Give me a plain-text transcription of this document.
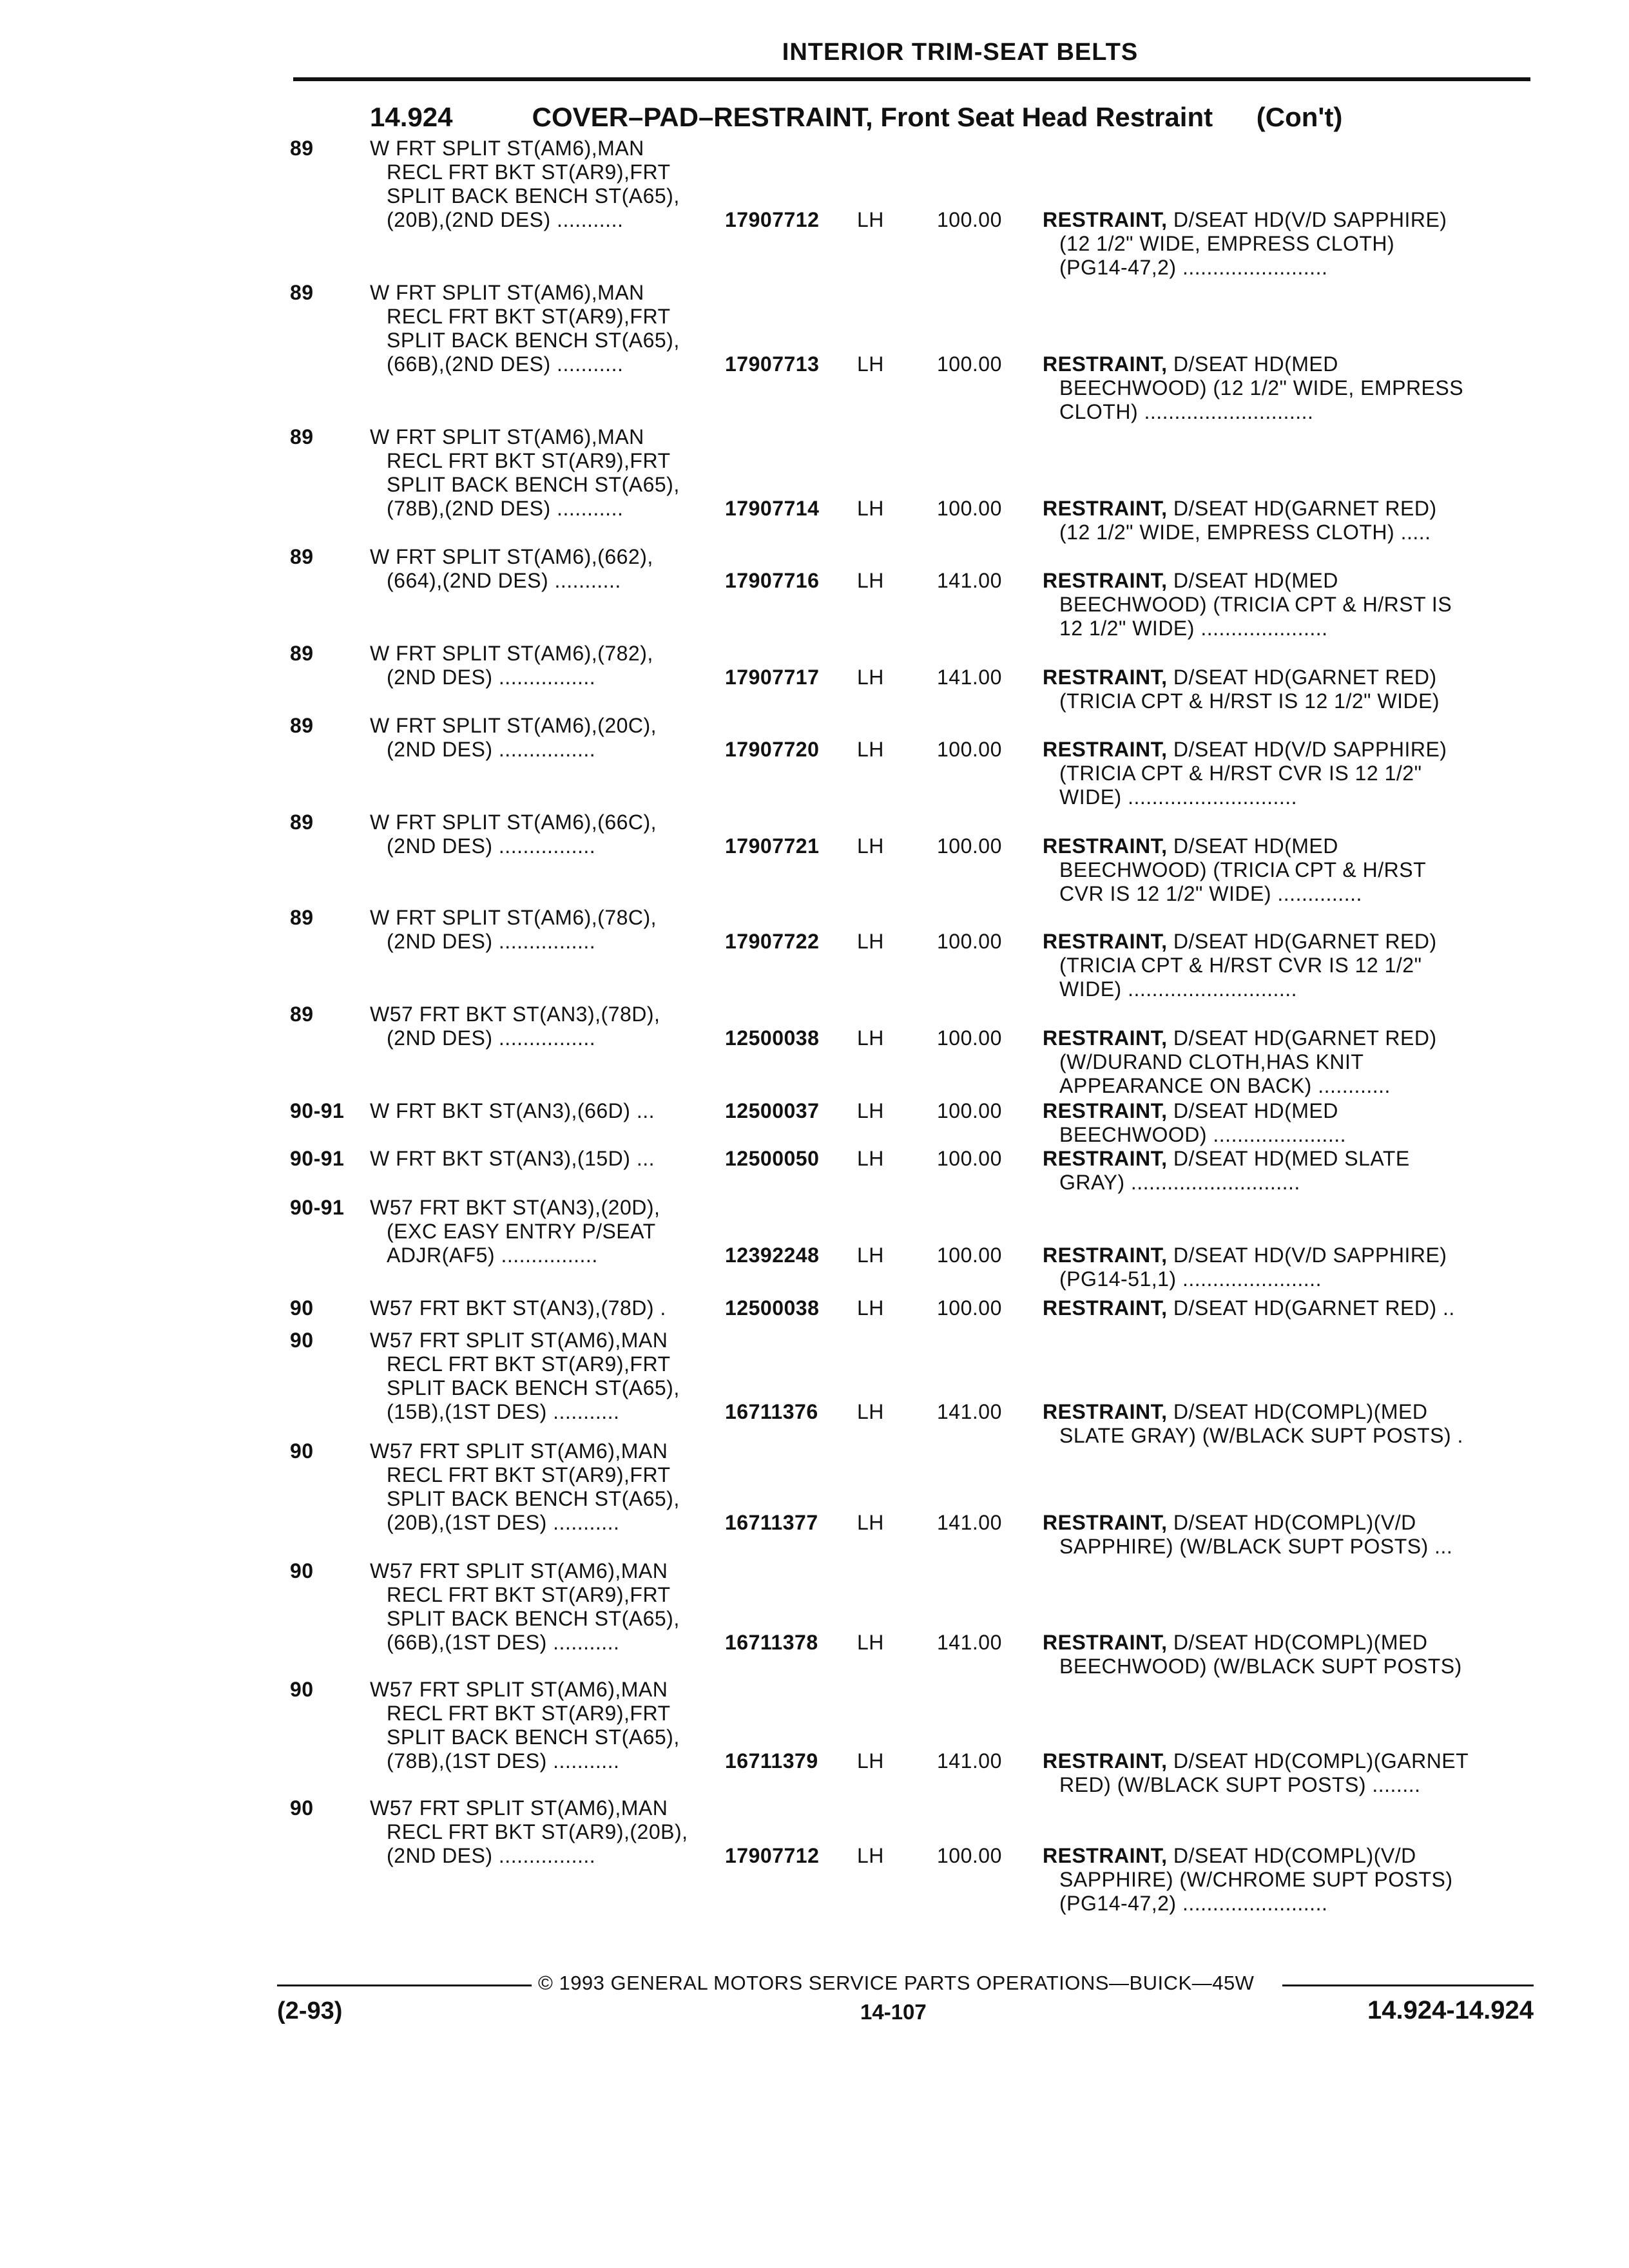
INTERIOR TRIM-SEAT BELTS
14.924	COVER–PAD–RESTRAINT, Front Seat Head Restraint (Con't)
89	W FRT SPLIT ST(AM6),MAN
RECL FRT BKT ST(AR9),FRT
SPLIT BACK BENCH ST(A65),
(20B),(2ND DES) ...........	17907712	LH	100.00	RESTRAINT, D/SEAT HD(V/D SAPPHIRE)
(12 1/2" WIDE, EMPRESS CLOTH)
(PG14-47,2) ........................
89	W FRT SPLIT ST(AM6),MAN
RECL FRT BKT ST(AR9),FRT
SPLIT BACK BENCH ST(A65),
(66B),(2ND DES) ...........	17907713	LH	100.00	RESTRAINT, D/SEAT HD(MED
BEECHWOOD) (12 1/2" WIDE, EMPRESS
CLOTH) ............................
89	W FRT SPLIT ST(AM6),MAN
RECL FRT BKT ST(AR9),FRT
SPLIT BACK BENCH ST(A65),
(78B),(2ND DES) ...........	17907714	LH	100.00	RESTRAINT, D/SEAT HD(GARNET RED)
(12 1/2" WIDE, EMPRESS CLOTH) .....
89	W FRT SPLIT ST(AM6),(662),
(664),(2ND DES) ...........	17907716	LH	141.00	RESTRAINT, D/SEAT HD(MED
BEECHWOOD) (TRICIA CPT & H/RST IS
12 1/2" WIDE) .....................
89	W FRT SPLIT ST(AM6),(782),
(2ND DES) ................	17907717	LH	141.00	RESTRAINT, D/SEAT HD(GARNET RED)
(TRICIA CPT & H/RST IS 12 1/2" WIDE)
89	W FRT SPLIT ST(AM6),(20C),
(2ND DES) ................	17907720	LH	100.00	RESTRAINT, D/SEAT HD(V/D SAPPHIRE)
(TRICIA CPT & H/RST CVR IS 12 1/2"
WIDE) ............................
89	W FRT SPLIT ST(AM6),(66C),
(2ND DES) ................	17907721	LH	100.00	RESTRAINT, D/SEAT HD(MED
BEECHWOOD) (TRICIA CPT & H/RST
CVR IS 12 1/2" WIDE) ..............
89	W FRT SPLIT ST(AM6),(78C),
(2ND DES) ................	17907722	LH	100.00	RESTRAINT, D/SEAT HD(GARNET RED)
(TRICIA CPT & H/RST CVR IS 12 1/2"
WIDE) ............................
89	W57 FRT BKT ST(AN3),(78D),
(2ND DES) ................	12500038	LH	100.00	RESTRAINT, D/SEAT HD(GARNET RED)
(W/DURAND CLOTH,HAS KNIT
APPEARANCE ON BACK) ............
90-91	W FRT BKT ST(AN3),(66D) ...	12500037	LH	100.00	RESTRAINT, D/SEAT HD(MED
BEECHWOOD) ......................
90-91	W FRT BKT ST(AN3),(15D) ...	12500050	LH	100.00	RESTRAINT, D/SEAT HD(MED SLATE
GRAY) ............................
90-91	W57 FRT BKT ST(AN3),(20D),
(EXC EASY ENTRY P/SEAT
ADJR(AF5) ................	12392248	LH	100.00	RESTRAINT, D/SEAT HD(V/D SAPPHIRE)
(PG14-51,1) .......................
90	W57 FRT BKT ST(AN3),(78D) .	12500038	LH	100.00	RESTRAINT, D/SEAT HD(GARNET RED) ..
90	W57 FRT SPLIT ST(AM6),MAN
RECL FRT BKT ST(AR9),FRT
SPLIT BACK BENCH ST(A65),
(15B),(1ST DES) ...........	16711376	LH	141.00	RESTRAINT, D/SEAT HD(COMPL)(MED
SLATE GRAY) (W/BLACK SUPT POSTS) .
90	W57 FRT SPLIT ST(AM6),MAN
RECL FRT BKT ST(AR9),FRT
SPLIT BACK BENCH ST(A65),
(20B),(1ST DES) ...........	16711377	LH	141.00	RESTRAINT, D/SEAT HD(COMPL)(V/D
SAPPHIRE) (W/BLACK SUPT POSTS) ...
90	W57 FRT SPLIT ST(AM6),MAN
RECL FRT BKT ST(AR9),FRT
SPLIT BACK BENCH ST(A65),
(66B),(1ST DES) ...........	16711378	LH	141.00	RESTRAINT, D/SEAT HD(COMPL)(MED
BEECHWOOD) (W/BLACK SUPT POSTS)
90	W57 FRT SPLIT ST(AM6),MAN
RECL FRT BKT ST(AR9),FRT
SPLIT BACK BENCH ST(A65),
(78B),(1ST DES) ...........	16711379	LH	141.00	RESTRAINT, D/SEAT HD(COMPL)(GARNET
RED) (W/BLACK SUPT POSTS) ........
90	W57 FRT SPLIT ST(AM6),MAN
RECL FRT BKT ST(AR9),(20B),
(2ND DES) ................	17907712	LH	100.00	RESTRAINT, D/SEAT HD(COMPL)(V/D
SAPPHIRE) (W/CHROME SUPT POSTS)
(PG14-47,2) ........................
© 1993 GENERAL MOTORS SERVICE PARTS OPERATIONS—BUICK—45W
(2-93)	14-107	14.924-14.924
